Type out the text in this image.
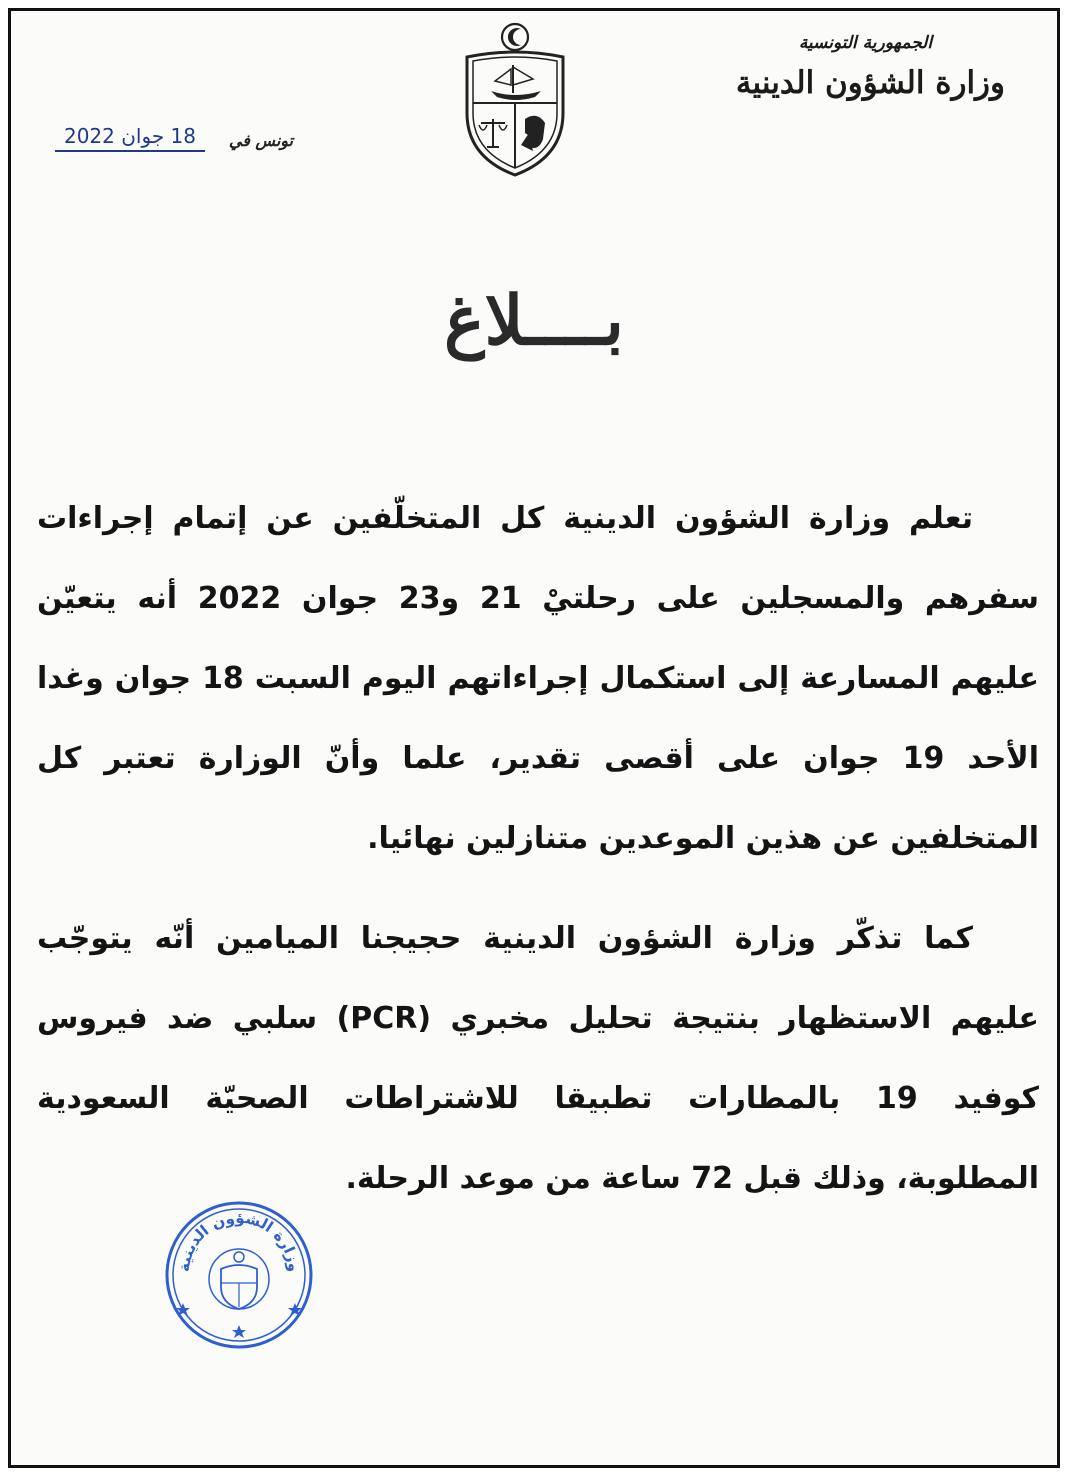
الجمهورية التونسية
وزارة الشؤون الدينية
تونس في
18 جوان 2022
بــــلاغ

تعلم وزارة الشؤون الدينية كل المتخلّفين عن إتمام إجراءات سفرهم والمسجلين على رحلتيْ 21 و23 جوان 2022 أنه يتعيّن عليهم المسارعة إلى استكمال إجراءاتهم اليوم السبت 18 جوان وغدا الأحد 19 جوان على أقصى تقدير، علما وأنّ الوزارة تعتبر كل المتخلفين عن هذين الموعدين متنازلين نهائيا.

كما تذكّر وزارة الشؤون الدينية حجيجنا الميامين أنّه يتوجّب عليهم الاستظهار بنتيجة تحليل مخبري (PCR) سلبي ضد فيروس كوفيد 19 بالمطارات تطبيقا للاشتراطات الصحيّة السعودية المطلوبة، وذلك قبل 72 ساعة من موعد الرحلة.

وزارة الشؤون الدينية
